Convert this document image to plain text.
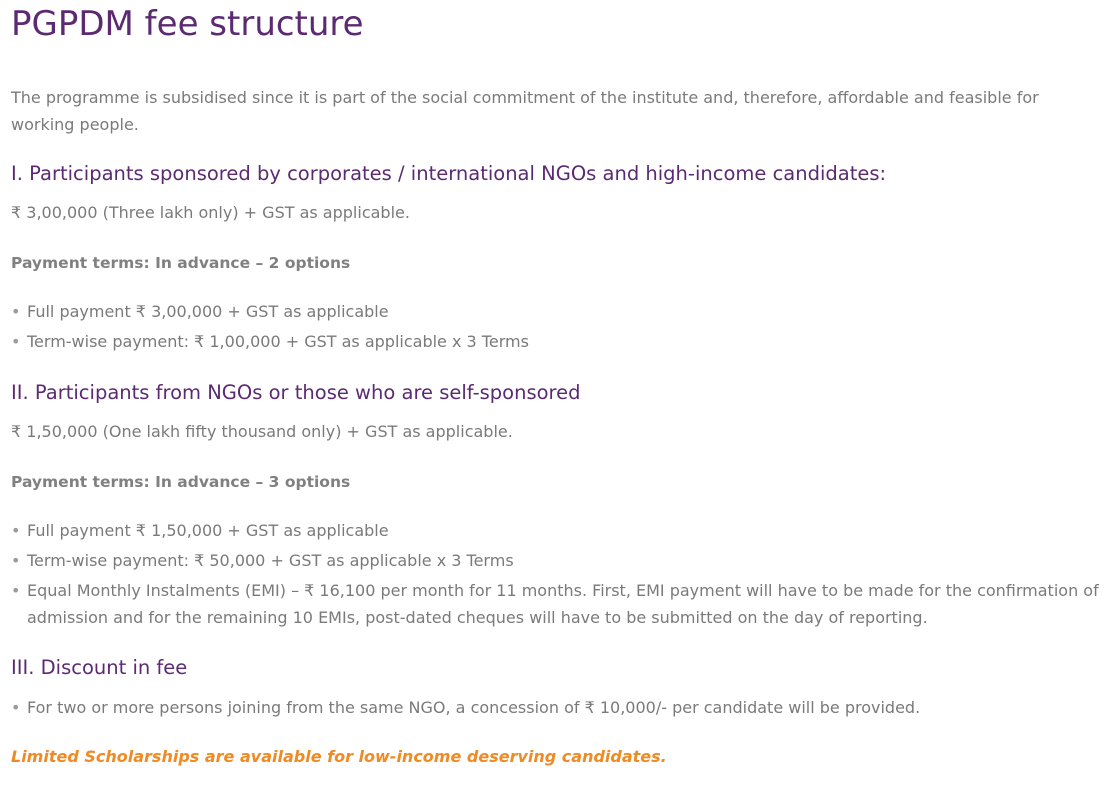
PGPDM fee structure

The programme is subsidised since it is part of the social commitment of the institute and, therefore, affordable and feasible for working people.

I. Participants sponsored by corporates / international NGOs and high-income candidates:

₹ 3,00,000 (Three lakh only) + GST as applicable.

Payment terms: In advance – 2 options

• Full payment ₹ 3,00,000 + GST as applicable
• Term-wise payment: ₹ 1,00,000 + GST as applicable x 3 Terms
II. Participants from NGOs or those who are self-sponsored

₹ 1,50,000 (One lakh fifty thousand only) + GST as applicable.

Payment terms: In advance – 3 options

• Full payment ₹ 1,50,000 + GST as applicable
• Term-wise payment: ₹ 50,000 + GST as applicable x 3 Terms
• Equal Monthly Instalments (EMI) – ₹ 16,100 per month for 11 months. First, EMI payment will have to be made for the confirmation of admission and for the remaining 10 EMIs, post-dated cheques will have to be submitted on the day of reporting.
III. Discount in fee
• For two or more persons joining from the same NGO, a concession of ₹ 10,000/- per candidate will be provided.

Limited Scholarships are available for low-income deserving candidates.
